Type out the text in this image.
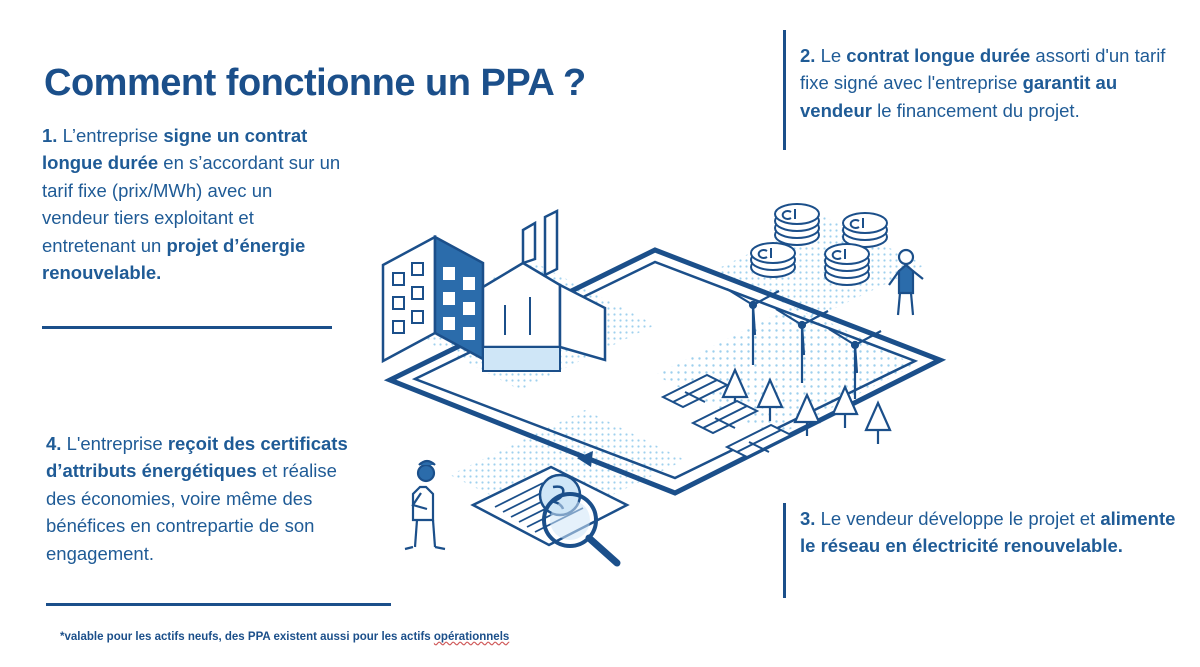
Comment fonctionne un PPA ?
1. L’entreprise signe un contrat longue durée en s’accordant sur un tarif fixe (prix/MWh) avec un vendeur tiers exploitant et entretenant un projet d’énergie renouvelable.
2. Le contrat longue durée assorti d'un tarif fixe signé avec l'entreprise garantit au vendeur le financement du projet.
3. Le vendeur développe le projet et alimente le réseau en électricité renouvelable.
4. L'entreprise reçoit des certificats d’attributs énergétiques et réalise des économies, voire même des bénéfices en contrepartie de son engagement.
*valable pour les actifs neufs, des PPA existent aussi pour les actifs opérationnels
